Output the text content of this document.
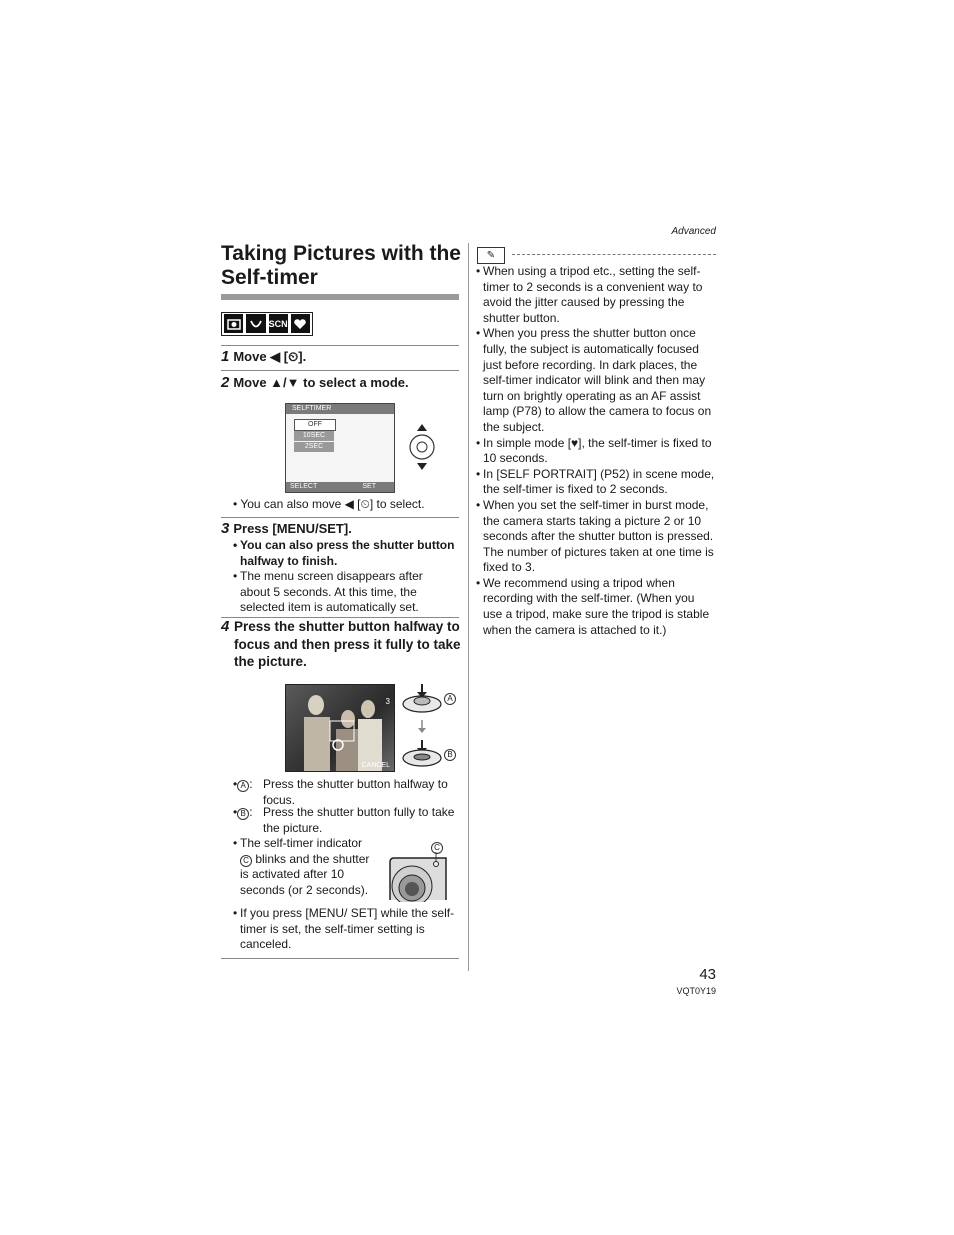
Advanced
Taking Pictures with the Self-timer
SCN
1 Move ◀ [⏲].
2 Move ▲/▼ to select a mode.
SELFTIMER
OFF
10SEC
2SEC
SELECT	SET
• You can also move ◀ [⏲] to select.
3 Press [MENU/SET].
• You can also press the shutter button halfway to finish.
• The menu screen disappears after about 5 seconds. At this time, the selected item is automatically set.
4 Press the shutter button halfway to focus and then press it fully to take the picture.
3
CANCEL
A
B
• A : Press the shutter button halfway to focus.
• B : Press the shutter button fully to take the picture.
• The self-timer indicator C blinks and the shutter is activated after 10 seconds (or 2 seconds).
C
• If you press [MENU/ SET] while the self-timer is set, the self-timer setting is canceled.
✎
• When using a tripod etc., setting the self-timer to 2 seconds is a convenient way to avoid the jitter caused by pressing the shutter button.
• When you press the shutter button once fully, the subject is automatically focused just before recording. In dark places, the self-timer indicator will blink and then may turn on brightly operating as an AF assist lamp (P78) to allow the camera to focus on the subject.
• In simple mode [♥], the self-timer is fixed to 10 seconds.
• In [SELF PORTRAIT] (P52) in scene mode, the self-timer is fixed to 2 seconds.
• When you set the self-timer in burst mode, the camera starts taking a picture 2 or 10 seconds after the shutter button is pressed. The number of pictures taken at one time is fixed to 3.
• We recommend using a tripod when recording with the self-timer. (When you use a tripod, make sure the tripod is stable when the camera is attached to it.)
43
VQT0Y19
